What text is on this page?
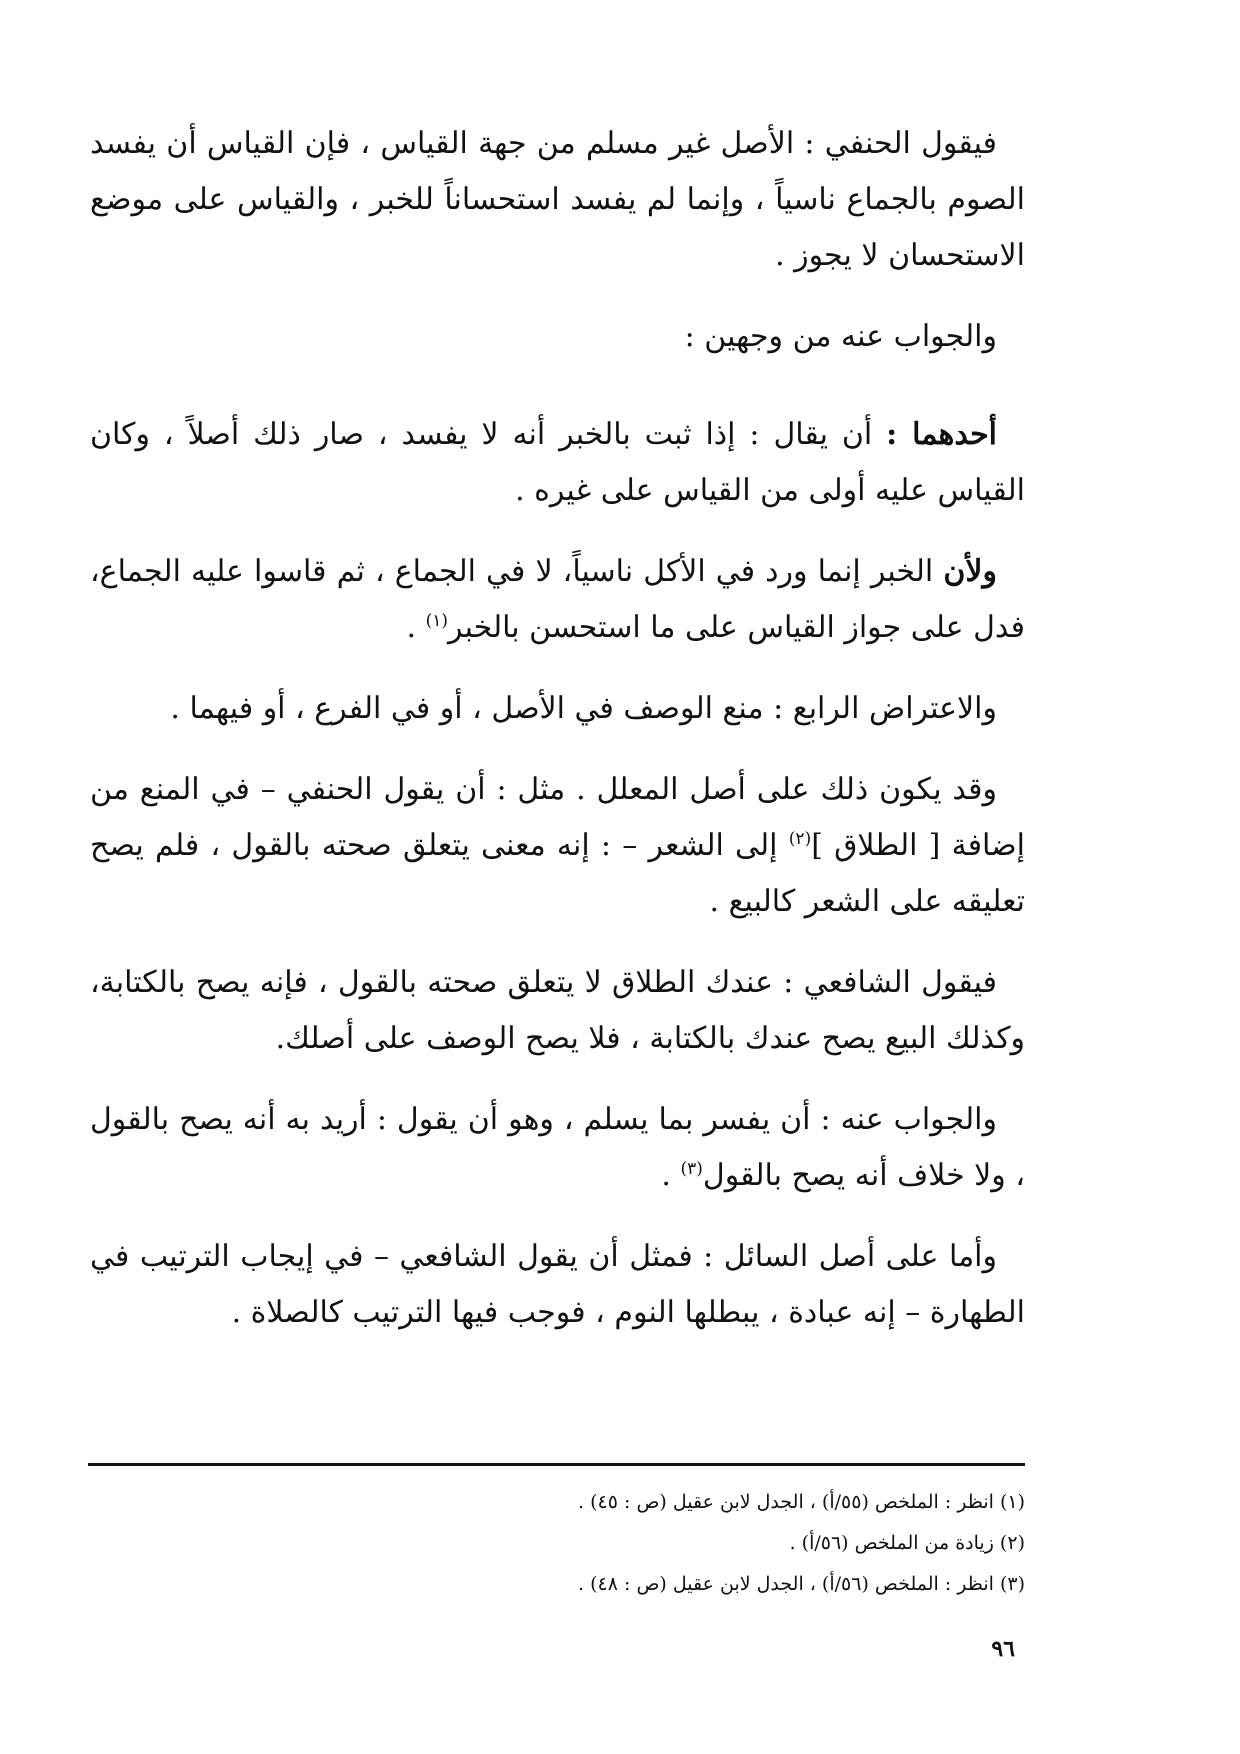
فيقول الحنفي : الأصل غير مسلم من جهة القياس ، فإن القياس أن يفسد الصوم بالجماع ناسياً ، وإنما لم يفسد استحساناً للخبر ، والقياس على موضع الاستحسان لا يجوز .

والجواب عنه من وجهين :

أحدهما : أن يقال : إذا ثبت بالخبر أنه لا يفسد ، صار ذلك أصلاً ، وكان القياس عليه أولى من القياس على غيره .

ولأن الخبر إنما ورد في الأكل ناسياً، لا في الجماع ، ثم قاسوا عليه الجماع، فدل على جواز القياس على ما استحسن بالخبر$^{(١)}$ .

والاعتراض الرابع : منع الوصف في الأصل ، أو في الفرع ، أو فيهما .

وقد يكون ذلك على أصل المعلل . مثل : أن يقول الحنفي – في المنع من إضافة [ الطلاق ]$^{(٢)}$ إلى الشعر – : إنه معنى يتعلق صحته بالقول ، فلم يصح تعليقه على الشعر كالبيع .

فيقول الشافعي : عندك الطلاق لا يتعلق صحته بالقول ، فإنه يصح بالكتابة، وكذلك البيع يصح عندك بالكتابة ، فلا يصح الوصف على أصلك.

والجواب عنه : أن يفسر بما يسلم ، وهو أن يقول : أريد به أنه يصح بالقول ، ولا خلاف أنه يصح بالقول$^{(٣)}$ .

وأما على أصل السائل : فمثل أن يقول الشافعي – في إيجاب الترتيب في الطهارة – إنه عبادة ، يبطلها النوم ، فوجب فيها الترتيب كالصلاة .

(١) انظر : الملخص (٥٥/أ) ، الجدل لابن عقيل (ص : ٤٥) .

(٢) زيادة من الملخص (٥٦/أ) .

(٣) انظر : الملخص (٥٦/أ) ، الجدل لابن عقيل (ص : ٤٨) .

٩٦
